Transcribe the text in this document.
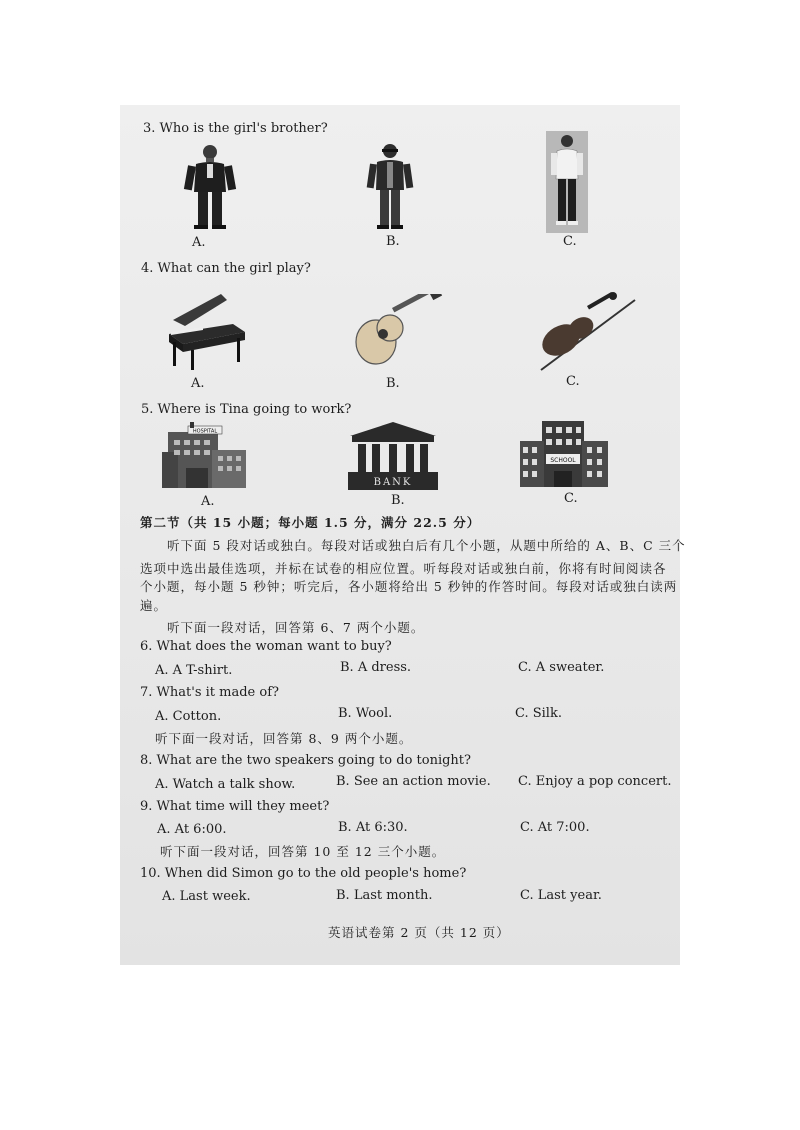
3. Who is the girl's brother?
A.	B.	C.
4. What can the girl play?
A.	B.	C.
5. Where is Tina going to work?
HOSPITAL
A.
BANK
B.
SCHOOL
C.
第二节（共 15 小题；每小题 1.5 分，满分 22.5 分）
听下面 5 段对话或独白。每段对话或独白后有几个小题，从题中所给的 A、B、C 三个
选项中选出最佳选项，并标在试卷的相应位置。听每段对话或独白前，你将有时间阅读各
个小题，每小题 5 秒钟；听完后，各小题将给出 5 秒钟的作答时间。每段对话或独白读两
遍。
听下面一段对话，回答第 6、7 两个小题。
6. What does the woman want to buy?
A. A T-shirt.	B. A dress.	C. A sweater.
7. What's it made of?
A. Cotton.	B. Wool.	C. Silk.
听下面一段对话，回答第 8、9 两个小题。
8. What are the two speakers going to do tonight?
A. Watch a talk show.	B. See an action movie. C. Enjoy a pop concert.
9. What time will they meet?
A. At 6:00.	B. At 6:30.	C. At 7:00.
听下面一段对话，回答第 10 至 12 三个小题。
10. When did Simon go to the old people's home?
A. Last week.	B. Last month.	C. Last year.
英语试卷第 2 页（共 12 页）
